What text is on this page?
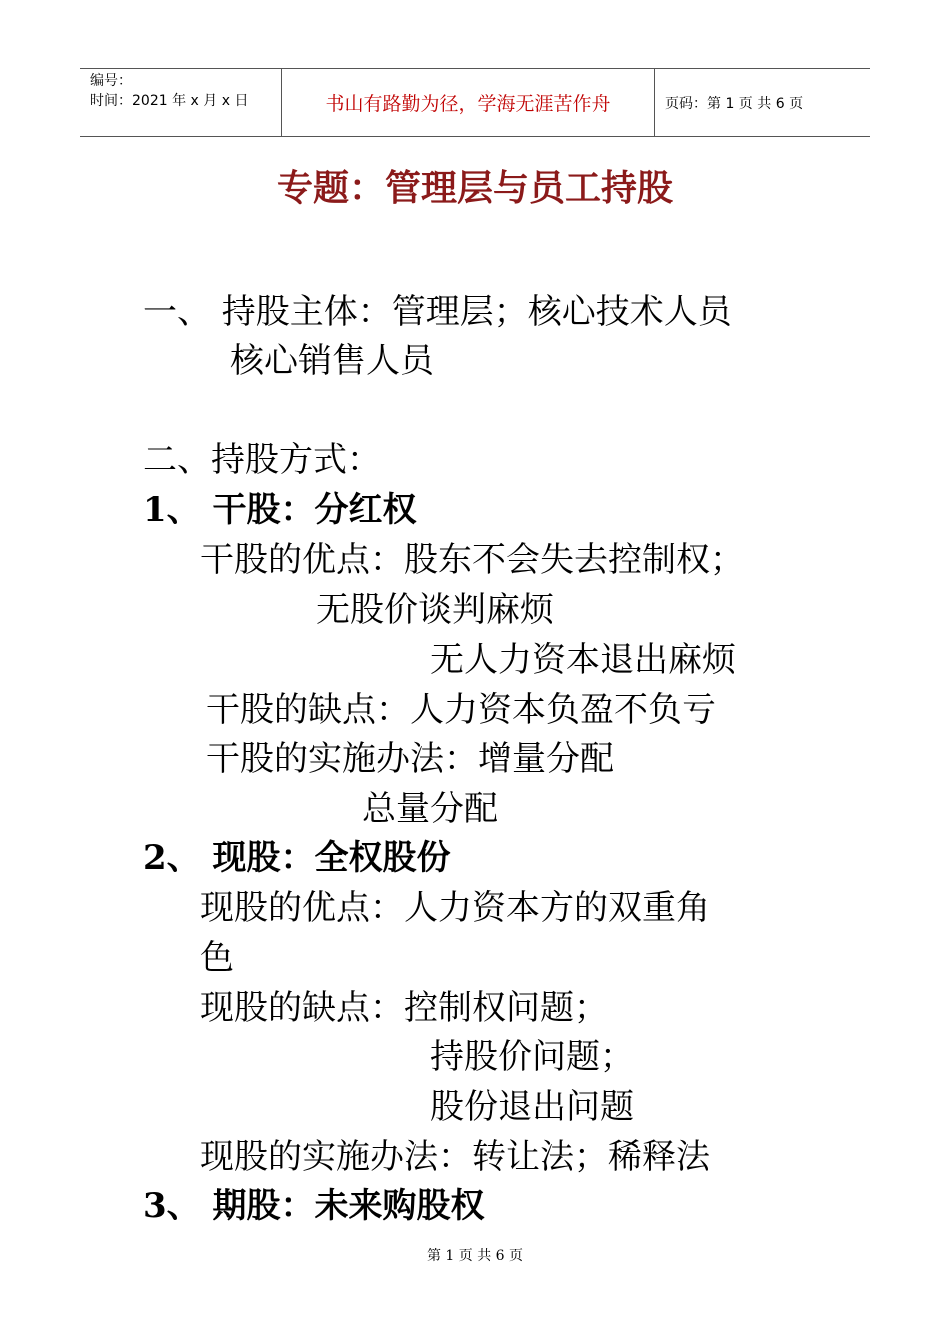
编号：
时间：2021 年 x 月 x 日	书山有路勤为径，学海无涯苦作舟	页码：第 1 页 共 6 页
专题：管理层与员工持股
一、 持股主体：管理层；核心技术人员
核心销售人员
二、持股方式：
1、 干股：分红权
干股的优点：股东不会失去控制权；
无股价谈判麻烦
无人力资本退出麻烦
干股的缺点：人力资本负盈不负亏
干股的实施办法：增量分配
总量分配
2、 现股：全权股份
现股的优点：人力资本方的双重角
色
现股的缺点：控制权问题；
持股价问题；
股份退出问题
现股的实施办法：转让法；稀释法
3、 期股：未来购股权
第 1 页 共 6 页
